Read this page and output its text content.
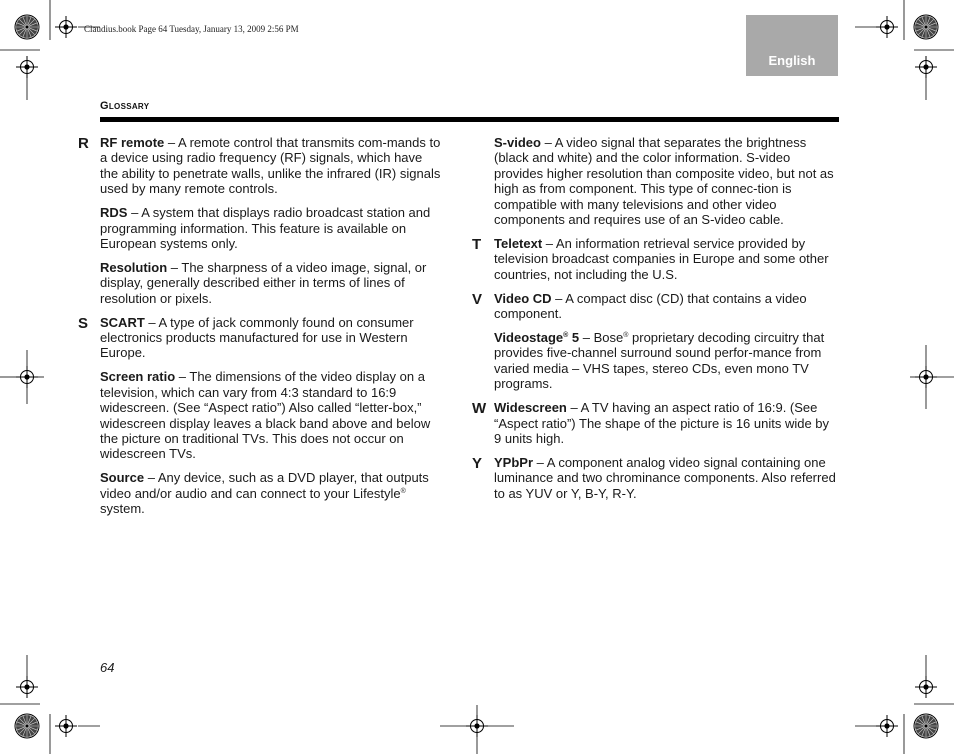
Claudius.book Page 64 Tuesday, January 13, 2009 2:56 PM
English
Glossary
R RF remote – A remote control that transmits com-mands to a device using radio frequency (RF) signals, which have the ability to penetrate walls, unlike the infrared (IR) signals used by many remote controls.

RDS – A system that displays radio broadcast station and programming information. This feature is available on European systems only.

Resolution – The sharpness of a video image, signal, or display, generally described either in terms of lines of resolution or pixels.

S SCART – A type of jack commonly found on consumer electronics products manufactured for use in Western Europe.

Screen ratio – The dimensions of the video display on a television, which can vary from 4:3 standard to 16:9 widescreen. (See “Aspect ratio”) Also called “letter-box,” widescreen display leaves a black band above and below the picture on traditional TVs. This does not occur on widescreen TVs.

Source – Any device, such as a DVD player, that outputs video and/or audio and can connect to your Lifestyle® system.

S-video – A video signal that separates the brightness (black and white) and the color information. S-video provides higher resolution than composite video, but not as high as from component. This type of connec-tion is compatible with many televisions and other video components and requires use of an S-video cable.

T Teletext – An information retrieval service provided by television broadcast companies in Europe and some other countries, not including the U.S.

V Video CD – A compact disc (CD) that contains a video component.

Videostage® 5 – Bose® proprietary decoding circuitry that provides five-channel surround sound perfor-mance from varied media – VHS tapes, stereo CDs, even mono TV programs.

W Widescreen – A TV having an aspect ratio of 16:9. (See “Aspect ratio”) The shape of the picture is 16 units wide by 9 units high.

Y YPbPr – A component analog video signal containing one luminance and two chrominance components. Also referred to as YUV or Y, B-Y, R-Y.

64
